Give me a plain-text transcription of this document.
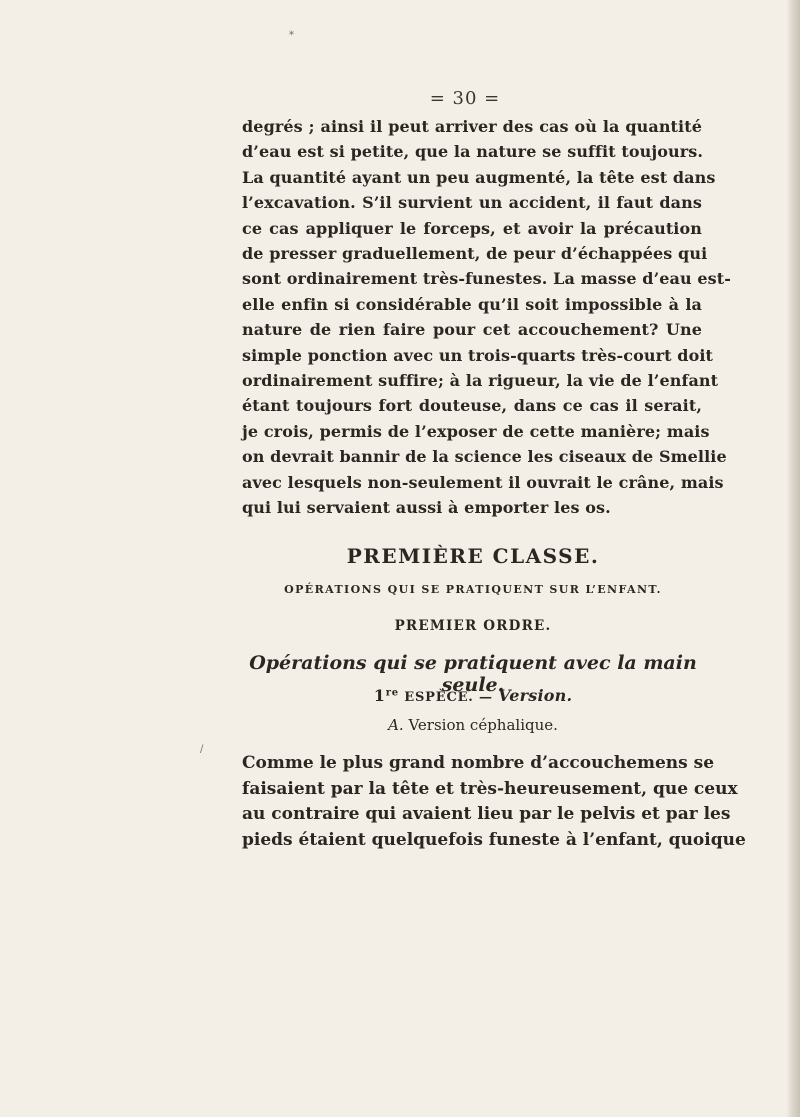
*
/
= 30 =
degrés ; ainsi il peut arriver des cas où la quantité
d’eau est si petite, que la nature se suffit toujours.
La quantité ayant un peu augmenté, la tête est dans
l’excavation. S’il survient un accident, il faut dans
ce cas appliquer le forceps, et avoir la précaution
de presser graduellement, de peur d’échappées qui
sont ordinairement très-funestes. La masse d’eau est-
elle enfin si considérable qu’il soit impossible à la
nature de rien faire pour cet accouchement? Une
simple ponction avec un trois-quarts très-court doit
ordinairement suffire; à la rigueur, la vie de l’enfant
étant toujours fort douteuse, dans ce cas il serait,
je crois, permis de l’exposer de cette manière; mais
on devrait bannir de la science les ciseaux de Smellie
avec lesquels non-seulement il ouvrait le crâne, mais
qui lui servaient aussi à emporter les os.
PREMIÈRE CLASSE.
OPÉRATIONS QUI SE PRATIQUENT SUR L’ENFANT.
PREMIER ORDRE.
Opérations qui se pratiquent avec la main seule.
1re ESPÈCE. — Version.
A. Version céphalique.
Comme le plus grand nombre d’accouchemens se
faisaient par la tête et très-heureusement, que ceux
au contraire qui avaient lieu par le pelvis et par les
pieds étaient quelquefois funeste à l’enfant, quoique
